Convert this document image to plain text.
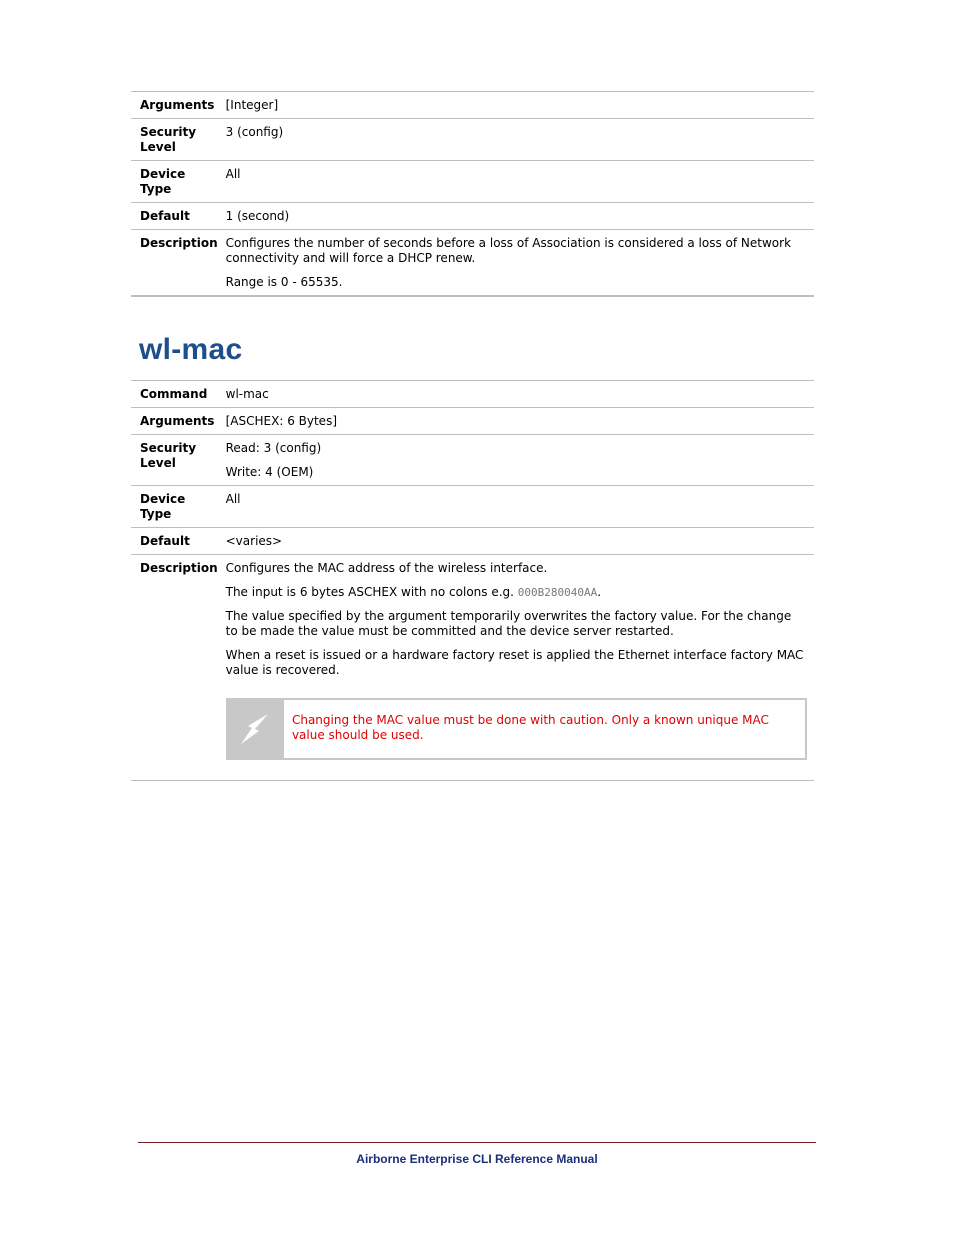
Arguments	[Integer]
Security Level	3 (config)
Device Type	All
Default	1 (second)
Description	Configures the number of seconds before a loss of Association is considered a loss of Network connectivity and will force a DHCP renew.

Range is 0 - 65535.

wl-mac
Command	wl-mac
Arguments	[ASCHEX: 6 Bytes]
Security Level	Read: 3 (config)

Write: 4 (OEM)

Device Type	All
Default	<varies>
Description	Configures the MAC address of the wireless interface.

The input is 6 bytes ASCHEX with no colons e.g. 000B280040AA.

The value specified by the argument temporarily overwrites the factory value. For the change to be made the value must be committed and the device server restarted.

When a reset is issued or a hardware factory reset is applied the Ethernet interface factory MAC value is recovered.

Changing the MAC value must be done with caution. Only a known unique MAC value should be used.
Airborne Enterprise CLI Reference Manual
